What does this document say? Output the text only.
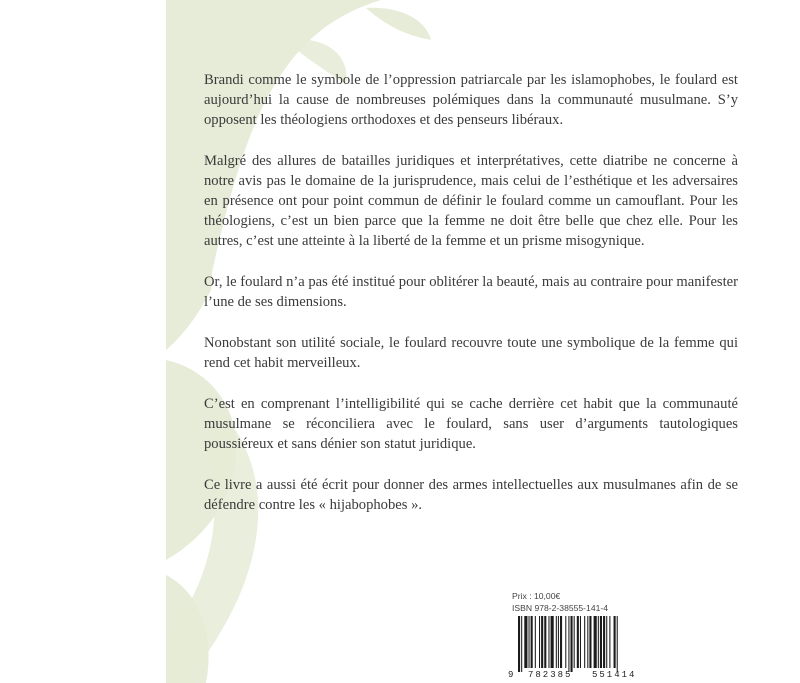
Brandi comme le symbole de l’oppression patriarcale par les islamophobes, le foulard est aujourd’hui la cause de nombreuses polémiques dans la communauté musulmane. S’y opposent les théologiens orthodoxes et des penseurs libéraux.

Malgré des allures de batailles juridiques et interprétatives, cette diatribe ne concerne à notre avis pas le domaine de la jurisprudence, mais celui de l’esthétique et les adversaires en présence ont pour point commun de définir le foulard comme un camouflant. Pour les théologiens, c’est un bien parce que la femme ne doit être belle que chez elle. Pour les autres, c’est une atteinte à la liberté de la femme et un prisme misogynique.

Or, le foulard n’a pas été institué pour oblitérer la beauté, mais au contraire pour manifester l’une de ses dimensions.

Nonobstant son utilité sociale, le foulard recouvre toute une symbolique de la femme qui rend cet habit merveilleux.

C’est en comprenant l’intelligibilité qui se cache derrière cet habit que la communauté musulmane se réconciliera avec le foulard, sans user d’arguments tautologiques poussiéreux et sans dénier son statut juridique.

Ce livre a aussi été écrit pour donner des armes intellectuelles aux musulmanes afin de se défendre contre les « hijabophobes ».

Prix : 10,00€
ISBN 978-2-38555-141-4
9 782385 551414
